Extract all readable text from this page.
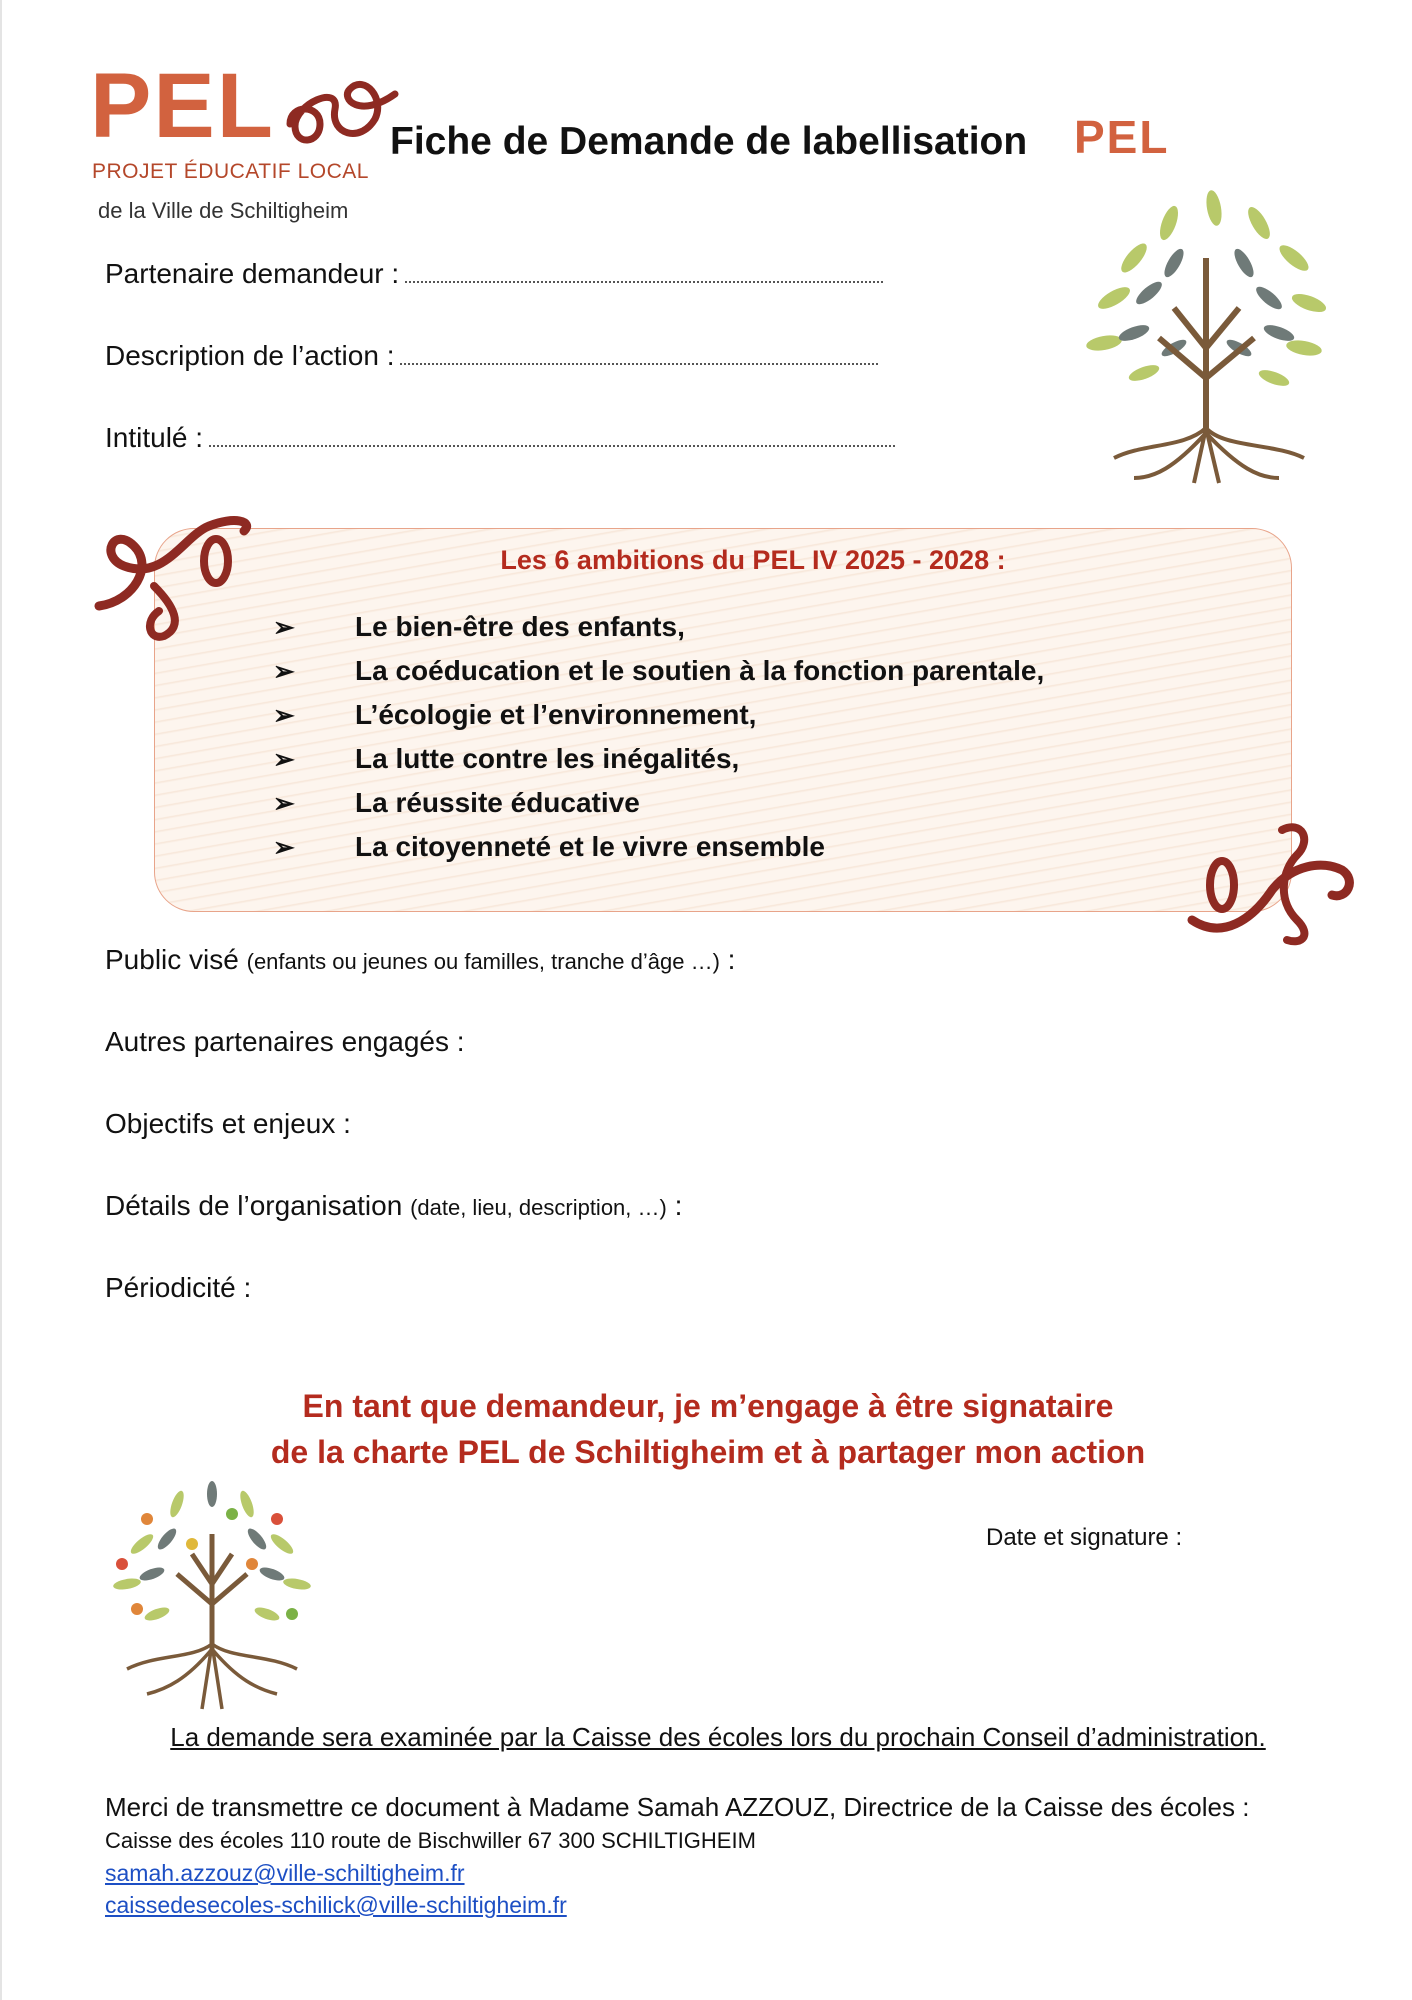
PEL
PROJET ÉDUCATIF LOCAL
de la Ville de Schiltigheim
Fiche de Demande de labellisation PEL
Partenaire demandeur :
Description de l’action :
Intitulé :
Les 6 ambitions du PEL IV 2025 - 2028 :
➢	Le bien-être des enfants,
➢	La coéducation et le soutien à la fonction parentale,
➢	L’écologie et l’environnement,
➢	La lutte contre les inégalités,
➢	La réussite éducative
➢	La citoyenneté et le vivre ensemble
Public visé (enfants ou jeunes ou familles, tranche d’âge …) :
Autres partenaires engagés :
Objectifs et enjeux :
Détails de l’organisation (date, lieu, description, …) :
Périodicité :
En tant que demandeur, je m’engage à être signataire
de la charte PEL de Schiltigheim et à partager mon action
Date et signature :
La demande sera examinée par la Caisse des écoles lors du prochain Conseil d’administration.
Merci de transmettre ce document à Madame Samah AZZOUZ, Directrice de la Caisse des écoles :
Caisse des écoles 110 route de Bischwiller 67 300 SCHILTIGHEIM
samah.azzouz@ville-schiltigheim.fr
caissedesecoles-schilick@ville-schiltigheim.fr
